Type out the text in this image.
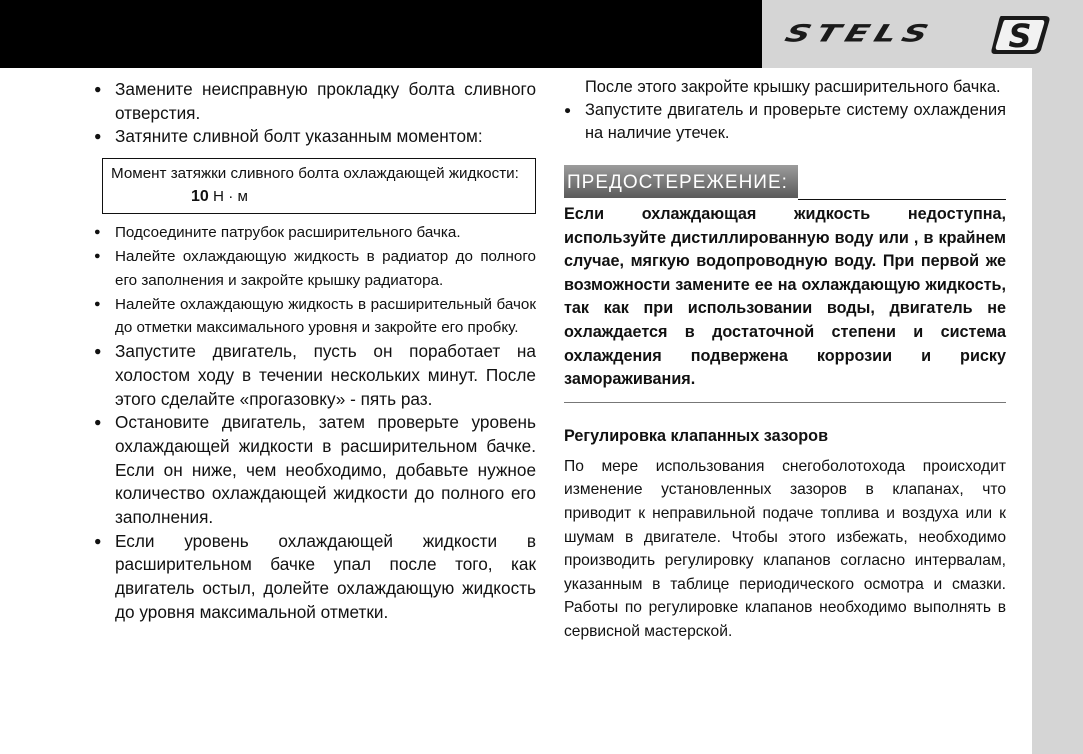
STELS S
● Замените неисправную прокладку болта сливного отверстия.
● Затяните сливной болт указанным моментом:
Момент затяжки сливного болта охлаждающей жидкости:
10 Н · м
● Подсоедините патрубок расширительного бачка.
● Налейте охлаждающую жидкость в радиатор до полного его заполнения и закройте крышку радиатора.
● Налейте охлаждающую жидкость в расширительный бачок до отметки максимального уровня и закройте его пробку.
● Запустите двигатель, пусть он поработает на холостом ходу в течении нескольких минут. После этого сделайте «прогазовку» - пять раз.
● Остановите двигатель, затем проверьте уровень охлаждающей жидкости в расширительном бачке. Если он ниже, чем необходимо, добавьте нужное количество охлаждающей жидкости до полного его заполнения.
● Если уровень охлаждающей жидкости в расширительном бачке упал после того, как двигатель остыл, долейте охлаждающую жидкость до уровня максимальной отметки.
После этого закройте крышку расширительного бачка.
● Запустите двигатель и проверьте систему охлаждения на наличие утечек.
ПРЕДОСТЕРЕЖЕНИЕ:
Если охлаждающая жидкость недоступна, используйте дистиллированную воду или , в крайнем случае, мягкую водопроводную воду. При первой же возможности замените ее на охлаждающую жидкость, так как при использовании воды, двигатель не охлаждается в достаточной степени и система охлаждения подвержена коррозии и риску замораживания.
Регулировка клапанных зазоров
По мере использования снегоболотохода происходит изменение установленных зазоров в клапанах, что приводит к неправильной подаче топлива и воздуха или к шумам в двигателе. Чтобы этого избежать, необходимо производить регулировку клапанов согласно интервалам, указанным в таблице периодического осмотра и смазки. Работы по регулировке клапанов необходимо выполнять в сервисной мастерской.
